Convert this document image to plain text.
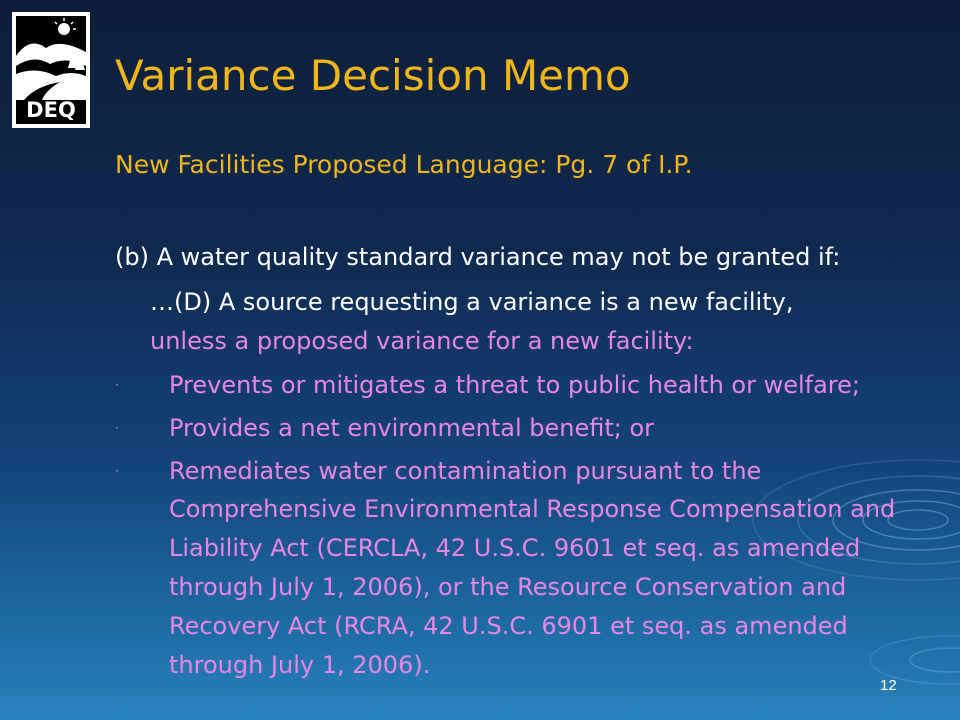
DEQ
Variance Decision Memo

New Facilities Proposed Language: Pg. 7 of I.P.

(b) A water quality standard variance may not be granted if:

…(D) A source requesting a variance is a new facility,
unless a proposed variance for a new facility:

· Prevents or mitigates a threat to public health or welfare;
· Provides a net environmental benefit; or
· Remediates water contamination pursuant to the Comprehensive Environmental Response Compensation and Liability Act (CERCLA, 42 U.S.C. 9601 et seq. as amended through July 1, 2006), or the Resource Conservation and Recovery Act (RCRA, 42 U.S.C. 6901 et seq. as amended through July 1, 2006).
12
